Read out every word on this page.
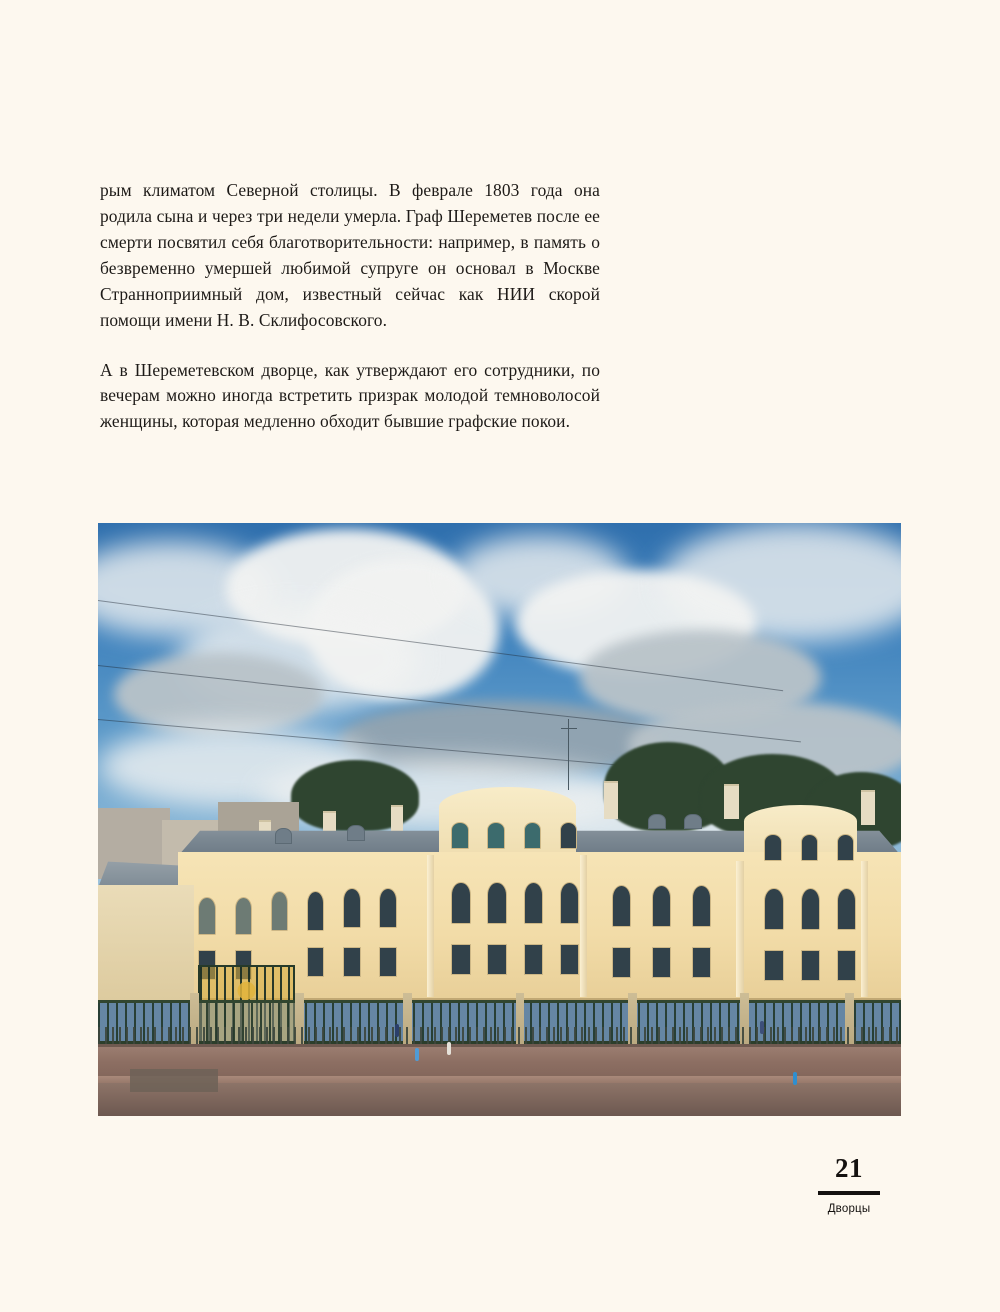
рым климатом Северной столицы. В феврале 1803 года она родила сына и через три недели умерла. Граф Шереметев после ее смерти посвятил себя благотворительности: например, в память о безвременно умершей любимой супруге он основал в Москве Странноприимный дом, известный сейчас как НИИ скорой помощи имени Н. В. Склифосовского.

А в Шереметевском дворце, как утверждают его сотрудники, по вечерам можно иногда встретить призрак молодой темноволосой женщины, которая медленно обходит бывшие графские покои.

21
Дворцы
